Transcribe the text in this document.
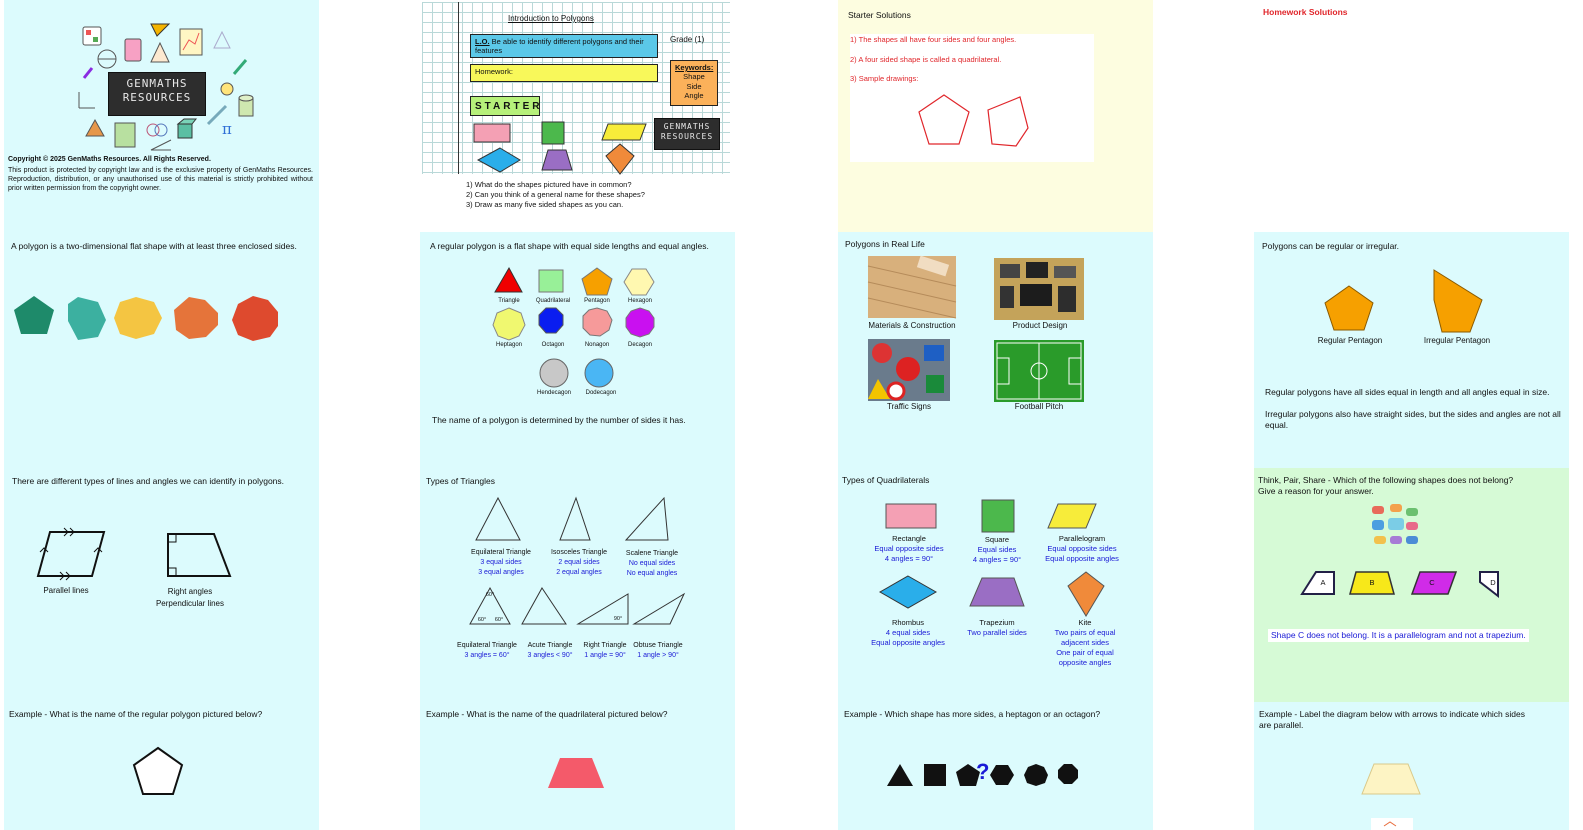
π
GENMATHS
RESOURCES
Copyright © 2025 GenMaths Resources. All Rights Reserved.
This product is protected by copyright law and is the exclusive property of GenMaths Resources. Reproduction, distribution, or any unauthorised use of this material is strictly prohibited without prior written permission from the copyright owner.
Introduction to Polygons
L.O. Be able to identify different polygons and their features
Grade (1)
Homework:	Keywords:
Shape
Side
Angle
STARTER
GENMATHS
RESOURCES
1) What do the shapes pictured have in common?
2) Can you think of a general name for these shapes?
3) Draw as many five sided shapes as you can.
Starter Solutions
1) The shapes all have four sides and four angles.
2) A four sided shape is called a quadrilateral.
3) Sample drawings:
Homework Solutions
A polygon is a two-dimensional flat shape with at least three enclosed sides.	A regular polygon is a flat shape with equal side lengths and equal angles.
Triangle	Quadrilateral	Pentagon	Hexagon
Heptagon	Octagon	Nonagon	Decagon
Hendecagon	Dodecagon
The name of a polygon is determined by the number of sides it has.
Polygons in Real Life
Materials & Construction	Product Design
Traffic Signs	Football Pitch
Polygons can be regular or irregular.
Regular Pentagon	Irregular Pentagon
Regular polygons have all sides equal in length and all angles equal in size.
Irregular polygons also have straight sides, but the sides and angles are not all equal.
There are different types of lines and angles we can identify in polygons.
Parallel lines	Right angles
Perpendicular lines
Types of Triangles
Equilateral Triangle
3 equal sides
3 equal angles
Isosceles Triangle
2 equal sides
2 equal angles
Scalene Triangle
No equal sides
No equal angles
60°
60°	60°	90°
Equilateral Triangle
3 angles = 60°
Acute Triangle
3 angles < 90°
Right Triangle
1 angle = 90°
Obtuse Triangle
1 angle > 90°
Types of Quadrilaterals
Rectangle
Equal opposite sides
4 angles = 90°
Square
Equal sides
4 angles = 90°
Parallelogram
Equal opposite sides
Equal opposite angles
Rhombus
4 equal sides
Equal opposite angles
Trapezium
Two parallel sides
Kite
Two pairs of equal
adjacent sides
One pair of equal
opposite angles
Think, Pair, Share - Which of the following shapes does not belong?
Give a reason for your answer.
A	B	C	D
Shape C does not belong. It is a parallelogram and not a trapezium.
Example - What is the name of the regular polygon pictured below?	Example - What is the name of the quadrilateral pictured below?	Example - Which shape has more sides, a heptagon or an octagon?
?
Example - Label the diagram below with arrows to indicate which sides
are parallel.
